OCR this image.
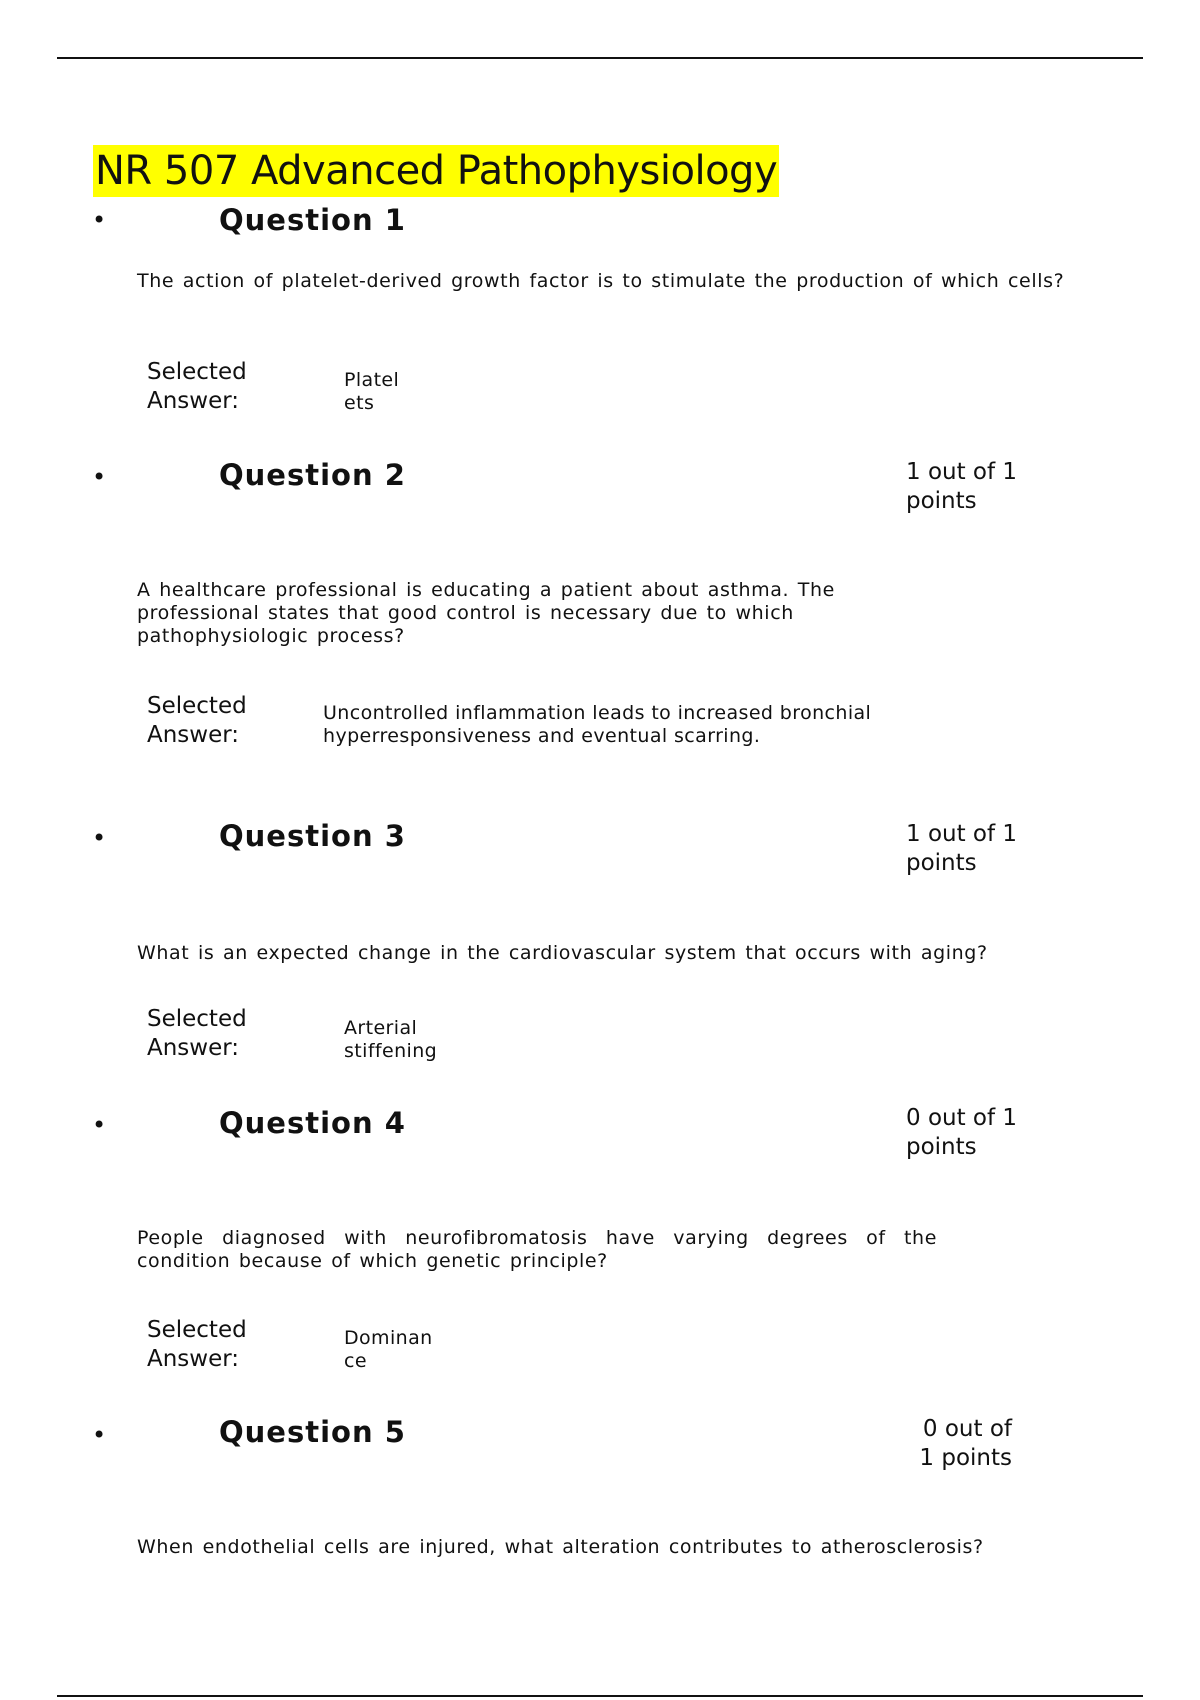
NR 507 Advanced Pathophysiology
•	Question 1
The action of platelet-derived growth factor is to stimulate the production of which cells?
Selected Answer:
Platelets
•	Question 2	1 out of 1 points
A healthcare professional is educating a patient about asthma. The professional states that good control is necessary due to which pathophysiologic process?
Selected Answer:
Uncontrolled inflammation leads to increased bronchial hyperresponsiveness and eventual scarring.
•	Question 3	1 out of 1 points
What is an expected change in the cardiovascular system that occurs with aging?
Selected Answer:
Arterial stiffening
•	Question 4	0 out of 1 points
People diagnosed with neurofibromatosis have varying degrees of the condition because of which genetic principle?
Selected Answer:
Dominance
•	Question 5	0 out of 1 points
When endothelial cells are injured, what alteration contributes to atherosclerosis?
